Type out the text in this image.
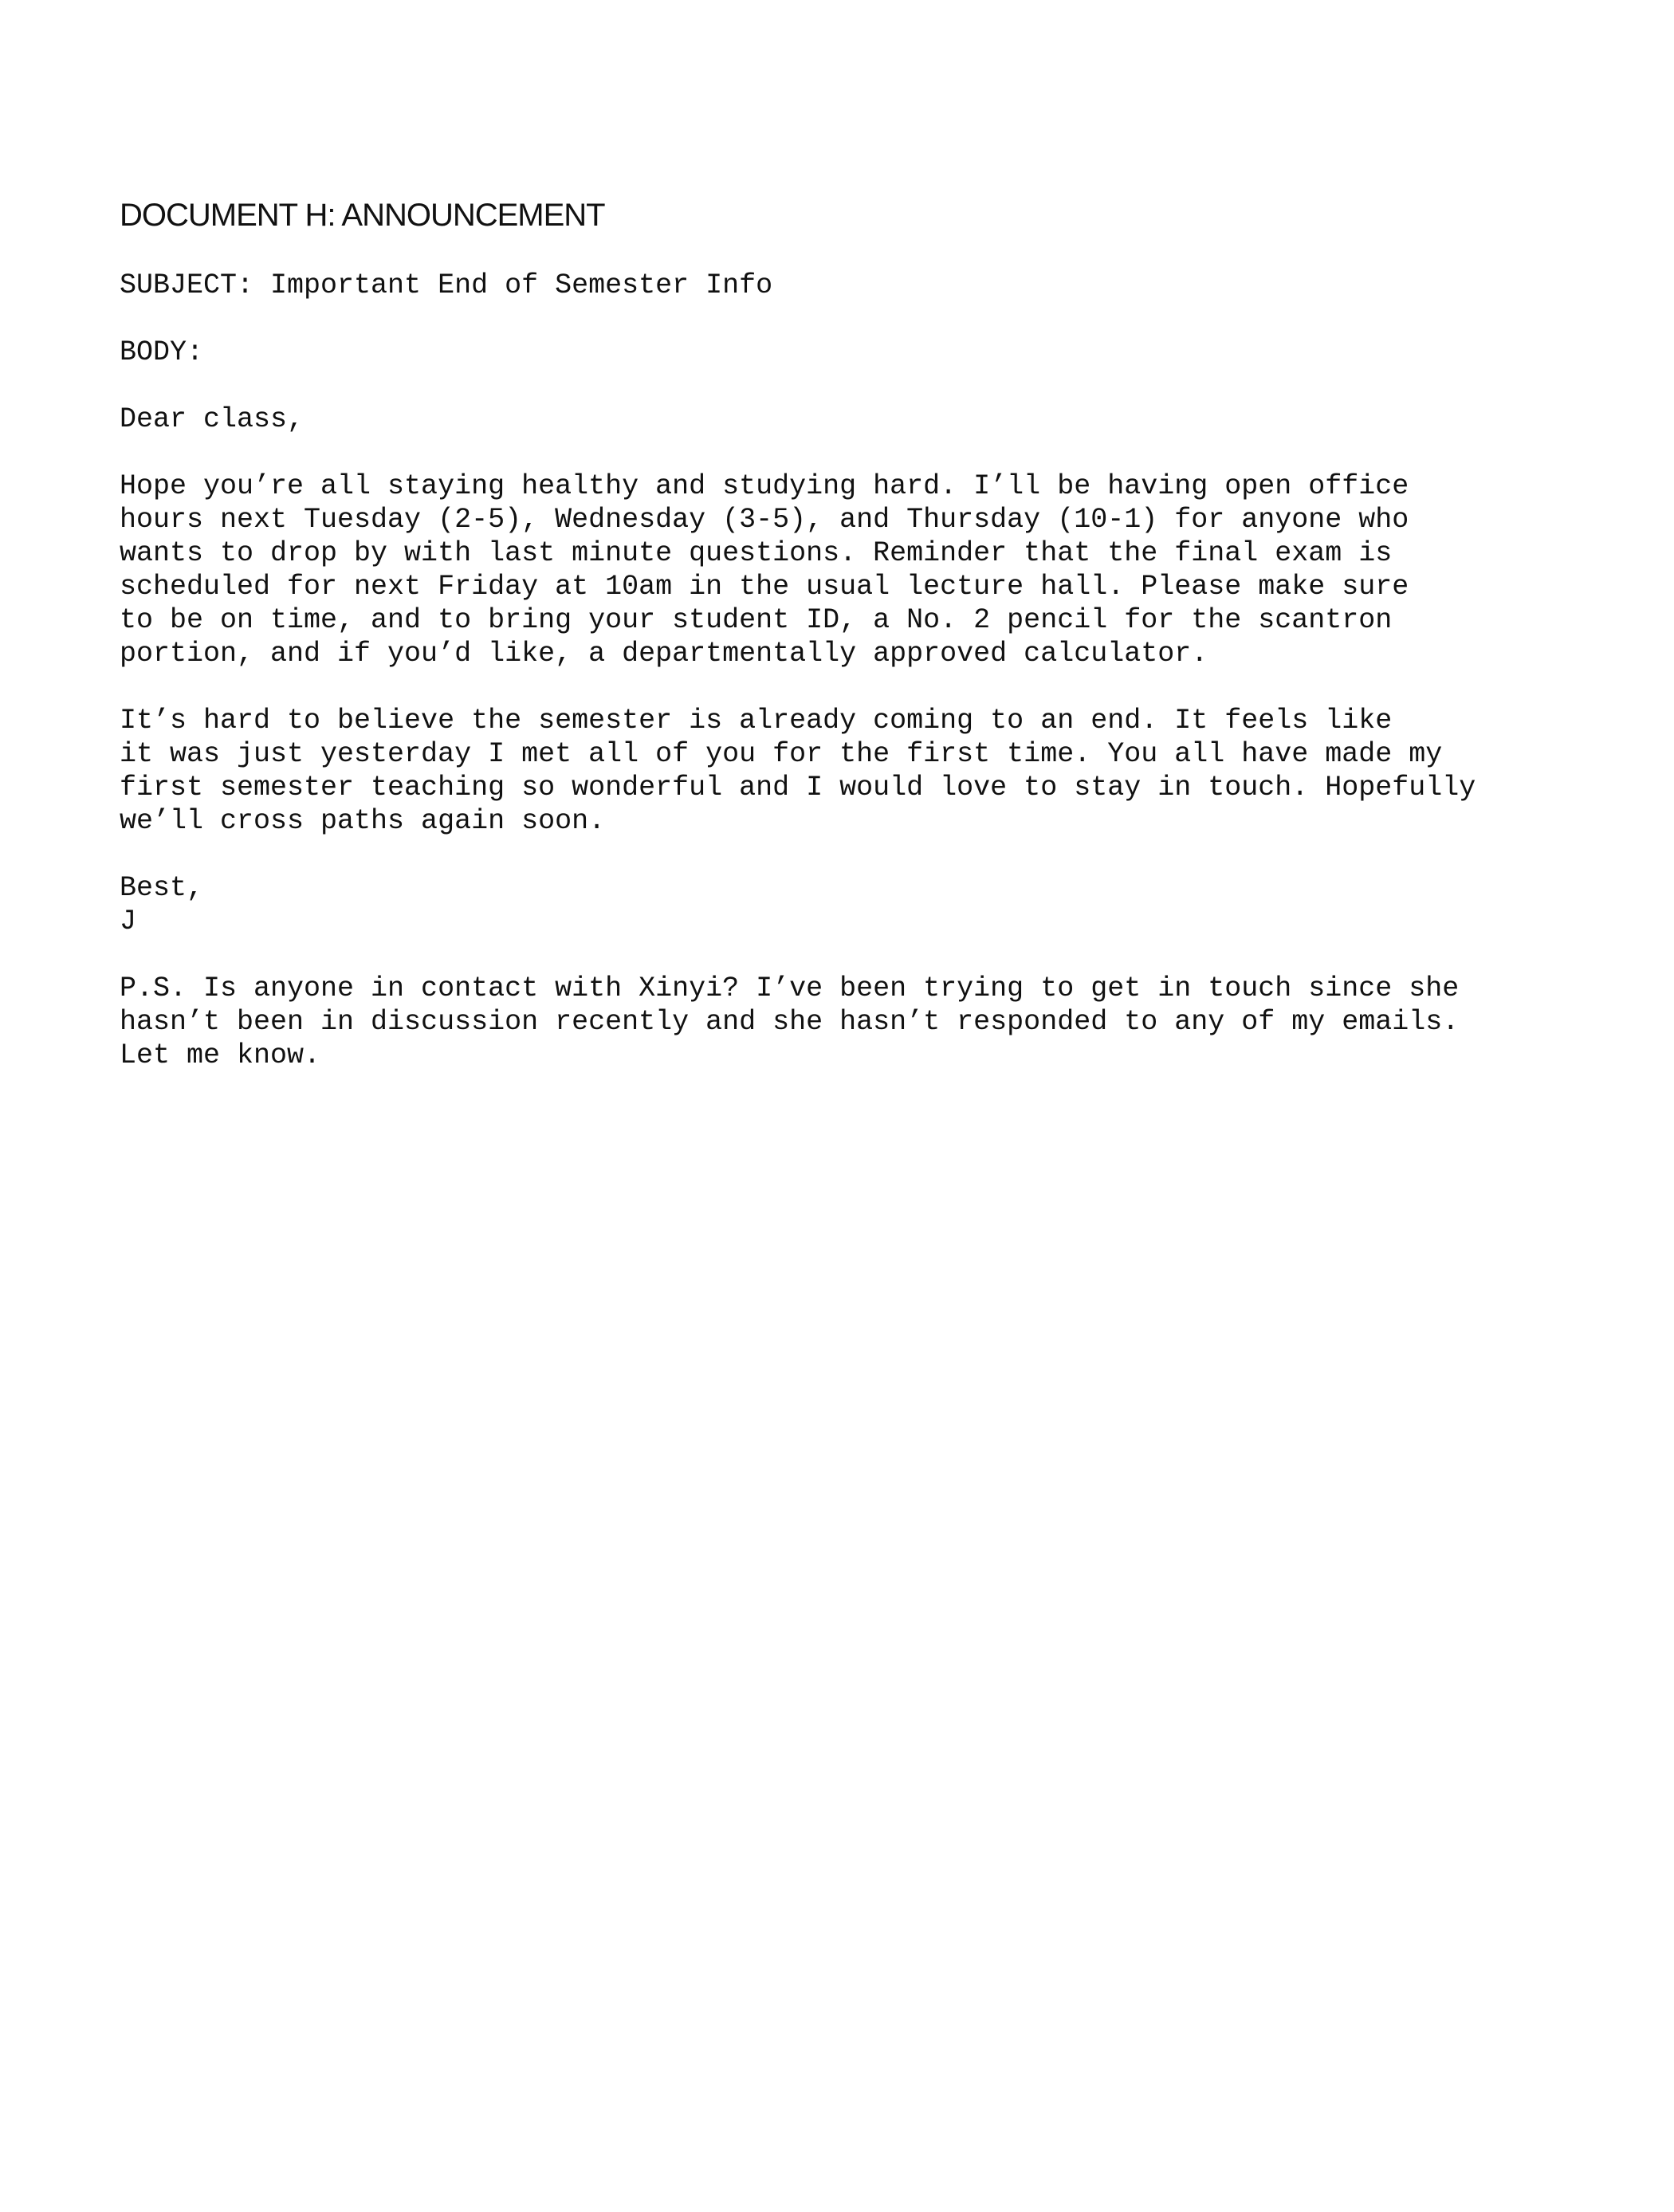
DOCUMENT H: ANNOUNCEMENT

SUBJECT: Important End of Semester Info

BODY:

Dear class,

Hope you’re all staying healthy and studying hard. I’ll be having open office
hours next Tuesday (2-5), Wednesday (3-5), and Thursday (10-1) for anyone who
wants to drop by with last minute questions. Reminder that the final exam is
scheduled for next Friday at 10am in the usual lecture hall. Please make sure
to be on time, and to bring your student ID, a No. 2 pencil for the scantron
portion, and if you’d like, a departmentally approved calculator.
It’s hard to believe the semester is already coming to an end. It feels like
it was just yesterday I met all of you for the first time. You all have made my
first semester teaching so wonderful and I would love to stay in touch. Hopefully
we’ll cross paths again soon.
Best,
J
P.S. Is anyone in contact with Xinyi? I’ve been trying to get in touch since she
hasn’t been in discussion recently and she hasn’t responded to any of my emails.
Let me know.
